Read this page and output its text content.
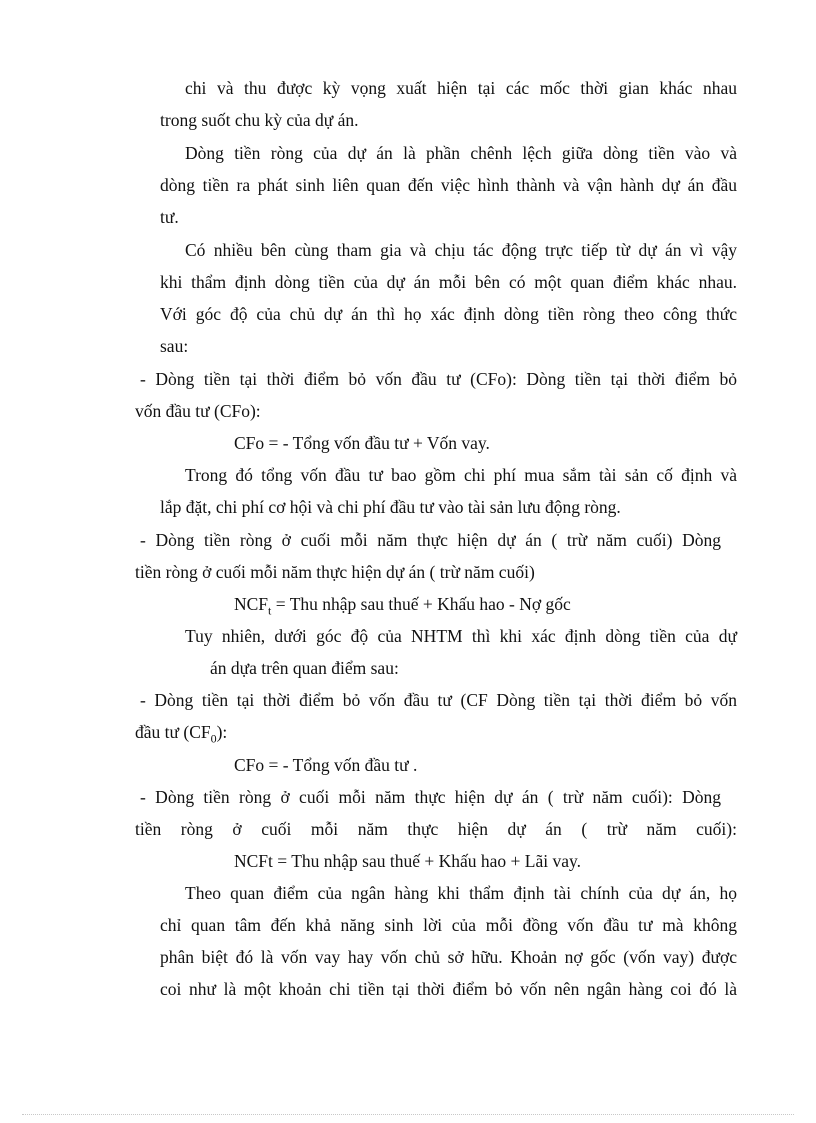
chi và thu được kỳ vọng xuất hiện tại các mốc thời gian khác nhau

trong suốt chu kỳ của dự án.

Dòng tiền ròng của dự án là phần chênh lệch giữa dòng tiền vào và

dòng tiền ra phát sinh liên quan đến việc hình thành và vận hành dự án đầu

tư.

Có nhiều bên cùng tham gia và chịu tác động trực tiếp từ dự án vì vậy

khi thẩm định dòng tiền của dự án mỗi bên có một quan điểm khác nhau.

Với góc độ của chủ dự án thì họ xác định dòng tiền ròng theo công thức

sau:

- Dòng tiền tại thời điểm bỏ vốn đầu tư (CFo): Dòng tiền tại thời điểm bỏ

vốn đầu tư (CFo):

CFo = - Tổng vốn đầu tư + Vốn vay.

Trong đó tổng vốn đầu tư bao gồm chi phí mua sắm tài sản cố định và

lắp đặt, chi phí cơ hội và chi phí đầu tư vào tài sản lưu động ròng.

- Dòng tiền ròng ở cuối mỗi năm thực hiện dự án ( trừ năm cuối) Dòng

tiền ròng ở cuối mỗi năm thực hiện dự án ( trừ năm cuối)

$NCF_t$ = Thu nhập sau thuế + Khấu hao - Nợ gốc

Tuy nhiên, dưới góc độ của NHTM thì khi xác định dòng tiền của dự

án dựa trên quan điểm sau:

- Dòng tiền tại thời điểm bỏ vốn đầu tư (CF Dòng tiền tại thời điểm bỏ vốn

đầu tư $(CF_0)$:

CFo = - Tổng vốn đầu tư .

- Dòng tiền ròng ở cuối mỗi năm thực hiện dự án ( trừ năm cuối): Dòng

tiền ròng ở cuối mỗi năm thực hiện dự án ( trừ năm cuối):

NCFt = Thu nhập sau thuế + Khấu hao + Lãi vay.

Theo quan điểm của ngân hàng khi thẩm định tài chính của dự án, họ

chỉ quan tâm đến khả năng sinh lời của mỗi đồng vốn đầu tư mà không

phân biệt đó là vốn vay hay vốn chủ sở hữu. Khoản nợ gốc (vốn vay) được

coi như là một khoản chi tiền tại thời điểm bỏ vốn nên ngân hàng coi đó là
